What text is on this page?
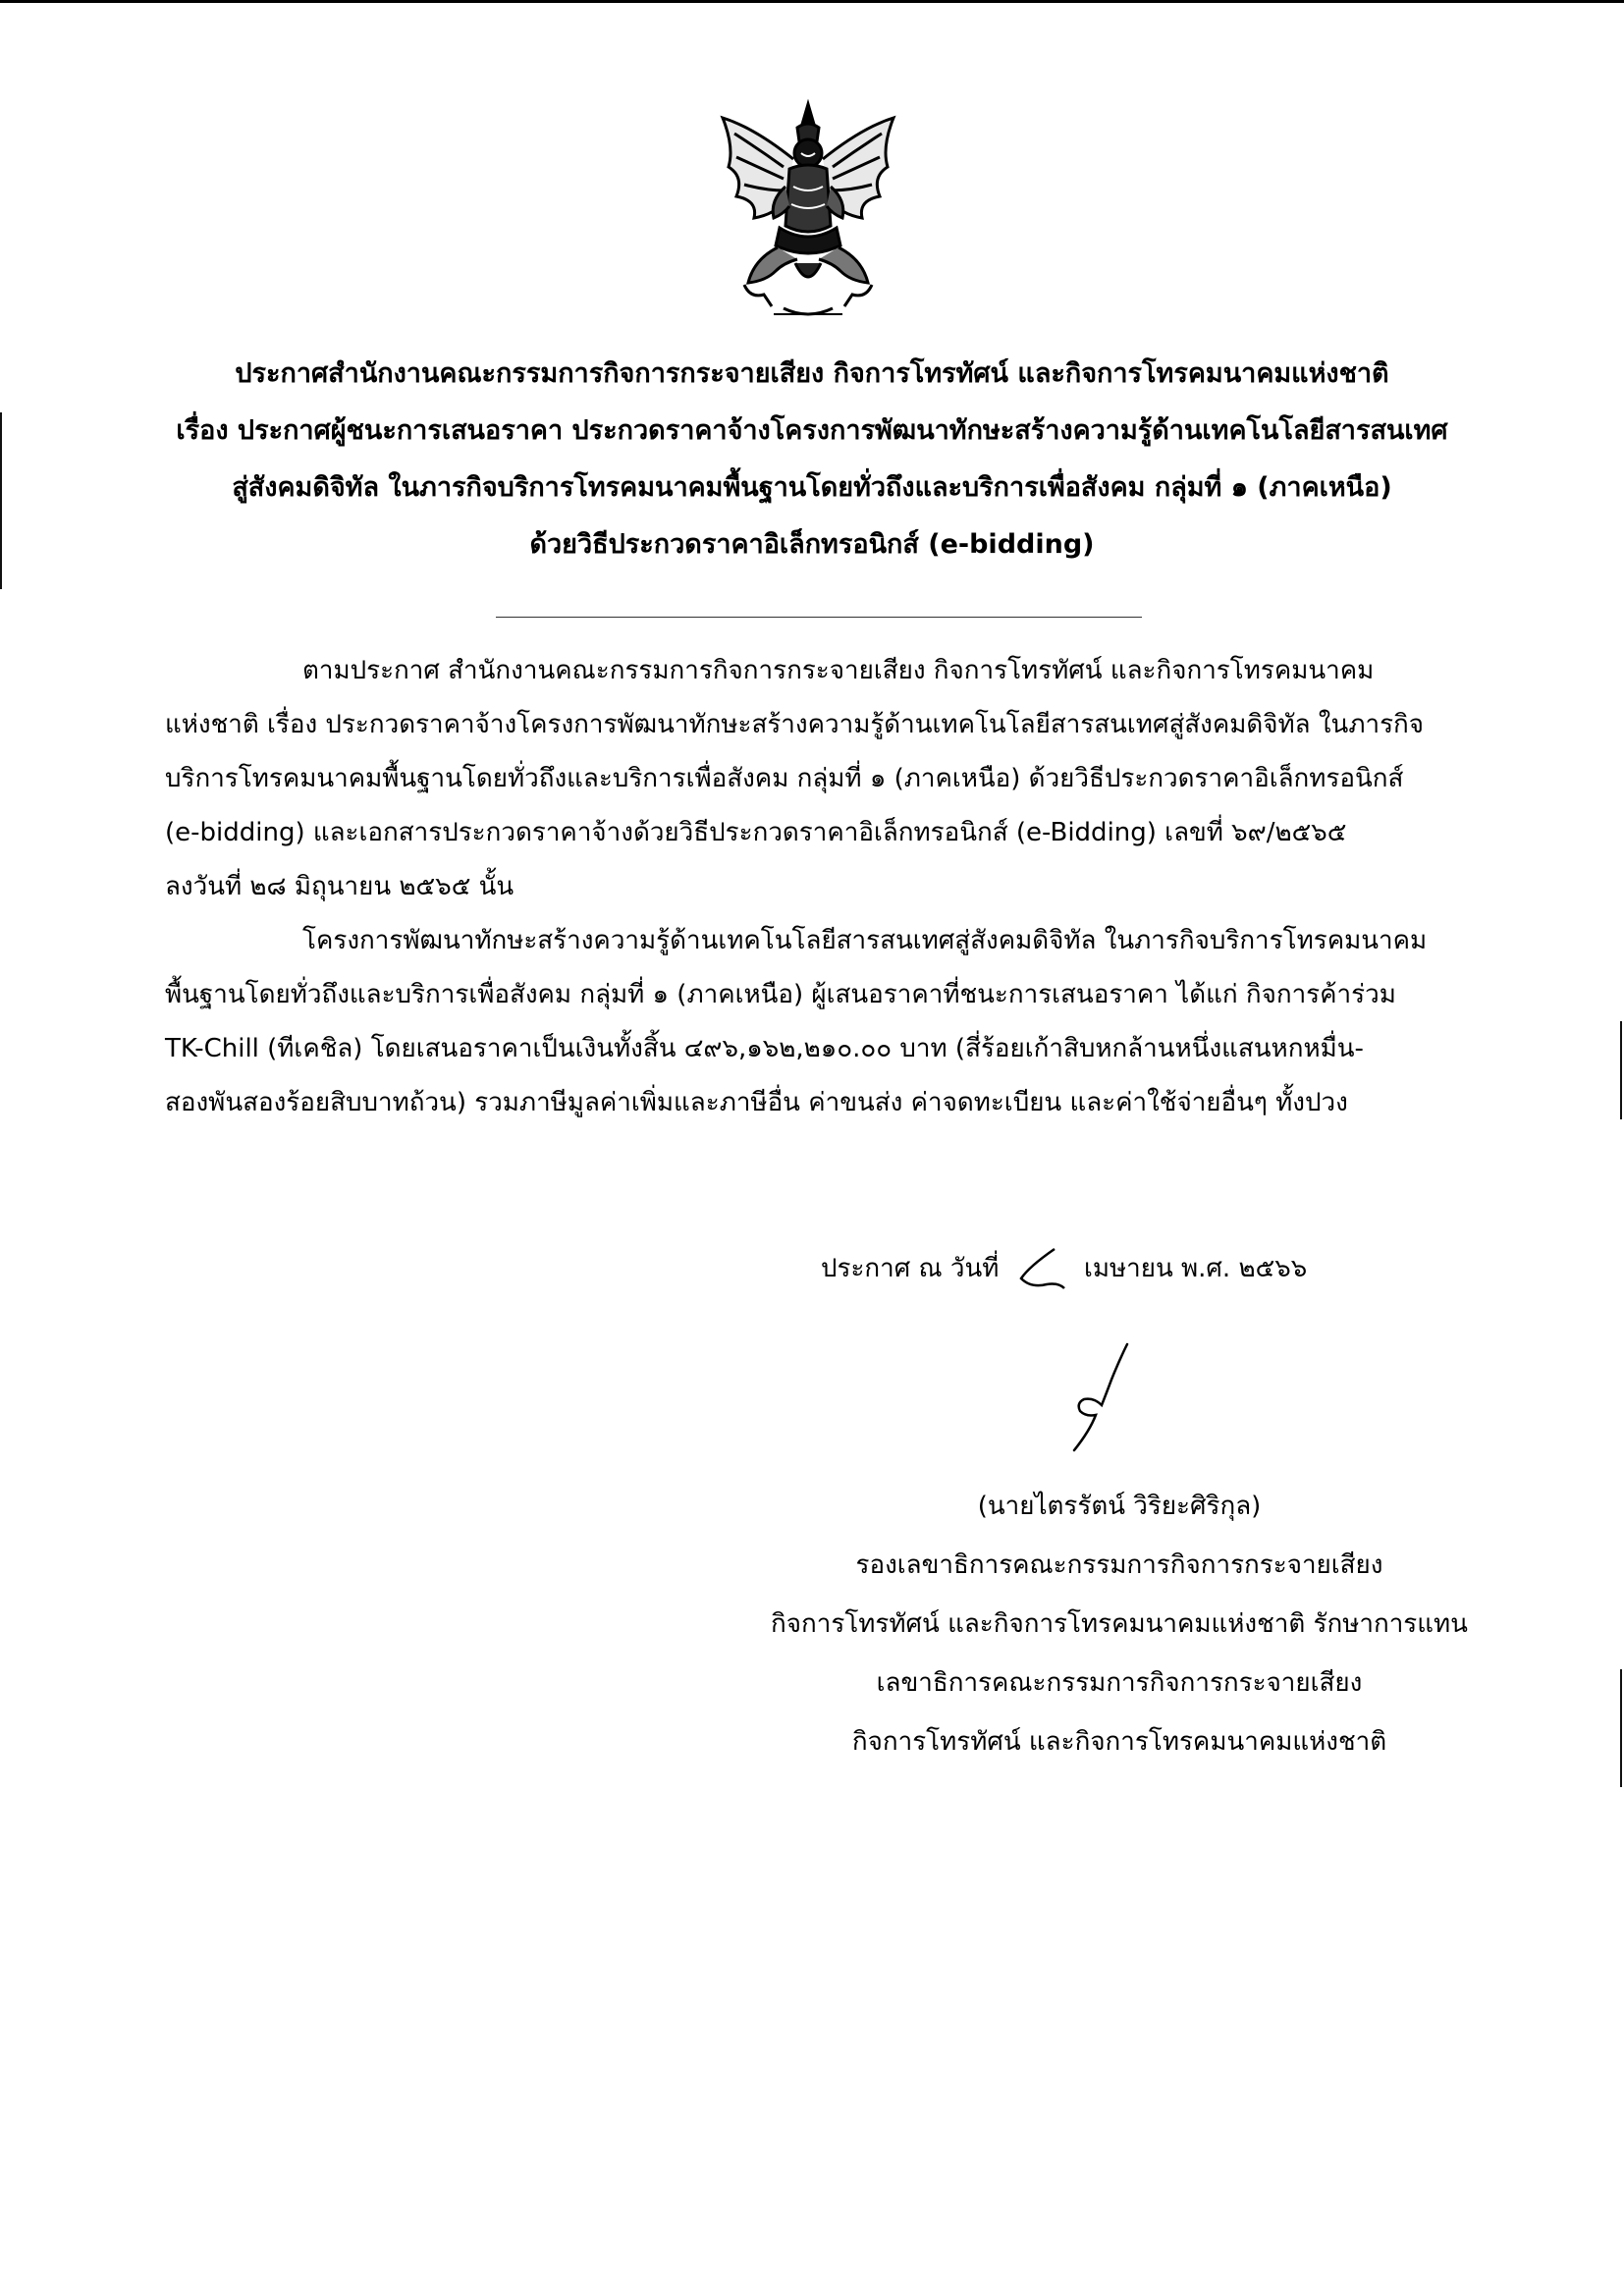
ประกาศสำนักงานคณะกรรมการกิจการกระจายเสียง กิจการโทรทัศน์ และกิจการโทรคมนาคมแห่งชาติ
เรื่อง ประกาศผู้ชนะการเสนอราคา ประกวดราคาจ้างโครงการพัฒนาทักษะสร้างความรู้ด้านเทคโนโลยีสารสนเทศ
สู่สังคมดิจิทัล ในภารกิจบริการโทรคมนาคมพื้นฐานโดยทั่วถึงและบริการเพื่อสังคม กลุ่มที่ ๑ (ภาคเหนือ)
ด้วยวิธีประกวดราคาอิเล็กทรอนิกส์ (e-bidding)
ตามประกาศ สำนักงานคณะกรรมการกิจการกระจายเสียง กิจการโทรทัศน์ และกิจการโทรคมนาคม
แห่งชาติ เรื่อง ประกวดราคาจ้างโครงการพัฒนาทักษะสร้างความรู้ด้านเทคโนโลยีสารสนเทศสู่สังคมดิจิทัล ในภารกิจ
บริการโทรคมนาคมพื้นฐานโดยทั่วถึงและบริการเพื่อสังคม กลุ่มที่ ๑ (ภาคเหนือ) ด้วยวิธีประกวดราคาอิเล็กทรอนิกส์
(e-bidding) และเอกสารประกวดราคาจ้างด้วยวิธีประกวดราคาอิเล็กทรอนิกส์ (e-Bidding) เลขที่ ๖๙/๒๕๖๕
ลงวันที่ ๒๘ มิถุนายน ๒๕๖๕ นั้น
โครงการพัฒนาทักษะสร้างความรู้ด้านเทคโนโลยีสารสนเทศสู่สังคมดิจิทัล ในภารกิจบริการโทรคมนาคม
พื้นฐานโดยทั่วถึงและบริการเพื่อสังคม กลุ่มที่ ๑ (ภาคเหนือ) ผู้เสนอราคาที่ชนะการเสนอราคา ได้แก่ กิจการค้าร่วม
TK-Chill (ทีเคชิล) โดยเสนอราคาเป็นเงินทั้งสิ้น ๔๙๖,๑๖๒,๒๑๐.๐๐ บาท (สี่ร้อยเก้าสิบหกล้านหนึ่งแสนหกหมื่น-
สองพันสองร้อยสิบบาทถ้วน) รวมภาษีมูลค่าเพิ่มและภาษีอื่น ค่าขนส่ง ค่าจดทะเบียน และค่าใช้จ่ายอื่นๆ ทั้งปวง
ประกาศ ณ วันที่	เมษายน พ.ศ. ๒๕๖๖
(นายไตรรัตน์ วิริยะศิริกุล)
รองเลขาธิการคณะกรรมการกิจการกระจายเสียง
กิจการโทรทัศน์ และกิจการโทรคมนาคมแห่งชาติ รักษาการแทน
เลขาธิการคณะกรรมการกิจการกระจายเสียง
กิจการโทรทัศน์ และกิจการโทรคมนาคมแห่งชาติ
